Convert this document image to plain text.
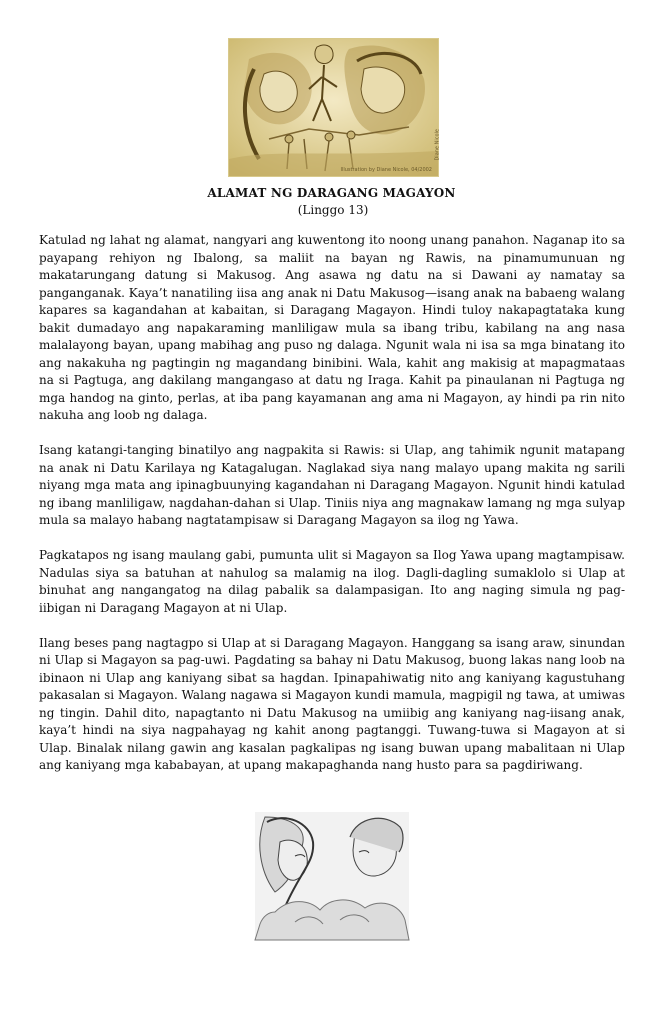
Illustration by Diane Nicole, 04/2002
Diane Nicole
ALAMAT NG DARAGANG MAGAYON
(Linggo 13)

Katulad ng lahat ng alamat, nangyari ang kuwentong ito noong unang panahon. Naganap ito sa payapang rehiyon ng Ibalong, sa maliit na bayan ng Rawis, na pinamumunuan ng makatarungang datung si Makusog. Ang asawa ng datu na si Dawani ay namatay sa panganganak. Kaya’t nanatiling iisa ang anak ni Datu Makusog—isang anak na babaeng walang kapares sa kagandahan at kabaitan, si Daragang Magayon. Hindi tuloy nakapagtataka kung bakit dumadayo ang napakaraming manliligaw mula sa ibang tribu, kabilang na ang nasa malalayong bayan, upang mabihag ang puso ng dalaga. Ngunit wala ni isa sa mga binatang ito ang nakakuha ng pagtingin ng magandang binibini. Wala, kahit ang makisig at mapagmataas na si Pagtuga, ang dakilang mangangaso at datu ng Iraga. Kahit pa pinaulanan ni Pagtuga ng mga handog na ginto, perlas, at iba pang kayamanan ang ama ni Magayon, ay hindi pa rin nito nakuha ang loob ng dalaga.

Isang katangi-tanging binatilyo ang nagpakita si Rawis: si Ulap, ang tahimik ngunit matapang na anak ni Datu Karilaya ng Katagalugan. Naglakad siya nang malayo upang makita ng sarili niyang mga mata ang ipinagbuunying kagandahan ni Daragang Magayon. Ngunit hindi katulad ng ibang manliligaw, nagdahan-dahan si Ulap. Tiniis niya ang magnakaw lamang ng mga sulyap mula sa malayo habang nagtatampisaw si Daragang Magayon sa ilog ng Yawa.

Pagkatapos ng isang maulang gabi, pumunta ulit si Magayon sa Ilog Yawa upang magtampisaw. Nadulas siya sa batuhan at nahulog sa malamig na ilog. Dagli-dagling sumaklolo si Ulap at binuhat ang nangangatog na dilag pabalik sa dalampasigan. Ito ang naging simula ng pag-iibigan ni Daragang Magayon at ni Ulap.

Ilang beses pang nagtagpo si Ulap at si Daragang Magayon. Hanggang sa isang araw, sinundan ni Ulap si Magayon sa pag-uwi. Pagdating sa bahay ni Datu Makusog, buong lakas nang loob na ibinaon ni Ulap ang kaniyang sibat sa hagdan. Ipinapahiwatig nito ang kaniyang kagustuhang pakasalan si Magayon. Walang nagawa si Magayon kundi mamula, magpigil ng tawa, at umiwas ng tingin. Dahil dito, napagtanto ni Datu Makusog na umiibig ang kaniyang nag-iisang anak, kaya’t hindi na siya nagpahayag ng kahit anong pagtanggi. Tuwang-tuwa si Magayon at si Ulap. Binalak nilang gawin ang kasalan pagkalipas ng isang buwan upang mabalitaan ni Ulap ang kaniyang mga kababayan, at upang makapaghanda nang husto para sa pagdiriwang.
